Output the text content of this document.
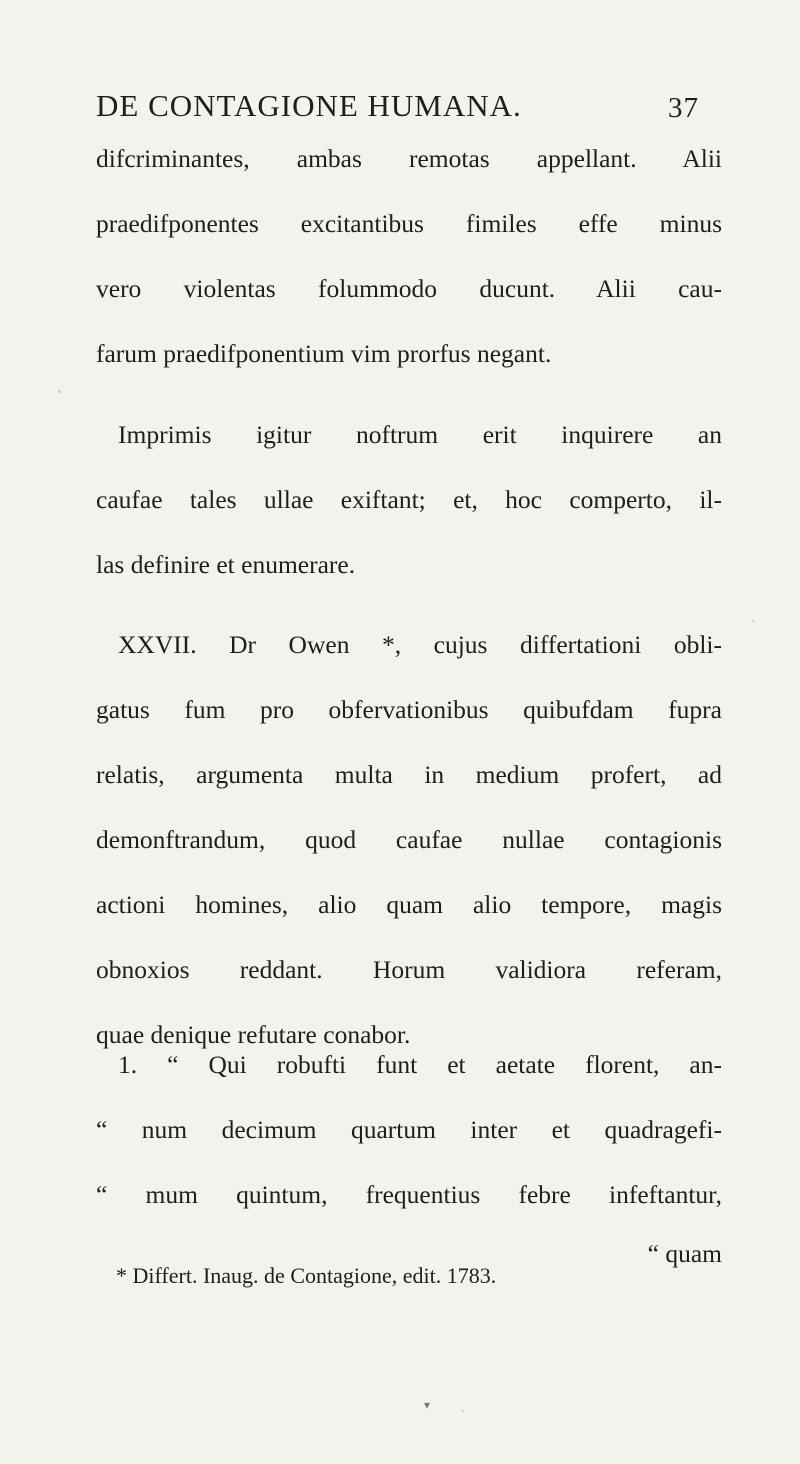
DE CONTAGIONE HUMANA.	37
difcriminantes, ambas remotas appellant. Alii
praedifponentes excitantibus fimiles effe minus
vero violentas folummodo ducunt. Alii cau-
farum praedifponentium vim prorfus negant.
Imprimis igitur noftrum erit inquirere an
caufae tales ullae exiftant; et, hoc comperto, il-
las definire et enumerare.
XXVII. Dr Owen *, cujus differtationi obli-
gatus fum pro obfervationibus quibufdam fupra
relatis, argumenta multa in medium profert, ad
demonftrandum, quod caufae nullae contagionis
actioni homines, alio quam alio tempore, magis
obnoxios reddant. Horum validiora referam,
quae denique refutare conabor.
1. “ Qui robufti funt et aetate florent, an-
“ num decimum quartum inter et quadragefi-
“ mum quintum, frequentius febre infeftantur,
“ quam
* Differt. Inaug. de Contagione, edit. 1783.
▾
